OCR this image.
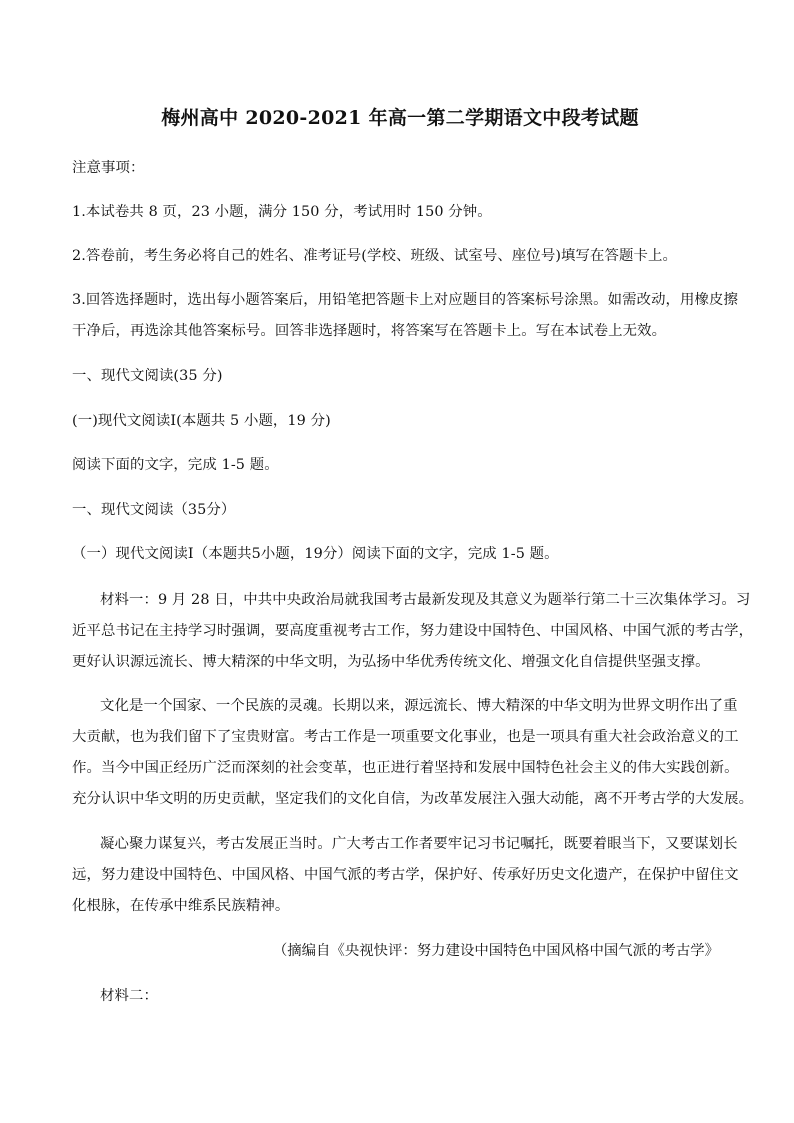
梅州高中 2020-2021 年高一第二学期语文中段考试题
注意事项：
1.本试卷共 8 页，23 小题，满分 150 分，考试用时 150 分钟。
2.答卷前，考生务必将自己的姓名、准考证号(学校、班级、试室号、座位号)填写在答题卡上。
3.回答选择题时，选出每小题答案后，用铅笔把答题卡上对应题目的答案标号涂黑。如需改动，用橡皮擦
干净后，再选涂其他答案标号。回答非选择题时，将答案写在答题卡上。写在本试卷上无效。
一、现代文阅读(35 分)
(一)现代文阅读Ⅰ(本题共 5 小题，19 分)
阅读下面的文字，完成 1-5 题。
一、现代文阅读（35分）
（一）现代文阅读Ⅰ（本题共5小题，19分）阅读下面的文字，完成 1-5 题。
材料一：9 月 28 日，中共中央政治局就我国考古最新发现及其意义为题举行第二十三次集体学习。习
近平总书记在主持学习时强调，要高度重视考古工作，努力建设中国特色、中国风格、中国气派的考古学，
更好认识源远流长、博大精深的中华文明，为弘扬中华优秀传统文化、增强文化自信提供坚强支撑。
文化是一个国家、一个民族的灵魂。长期以来，源远流长、博大精深的中华文明为世界文明作出了重
大贡献，也为我们留下了宝贵财富。考古工作是一项重要文化事业，也是一项具有重大社会政治意义的工
作。当今中国正经历广泛而深刻的社会变革，也正进行着坚持和发展中国特色社会主义的伟大实践创新。
充分认识中华文明的历史贡献，坚定我们的文化自信，为改革发展注入强大动能，离不开考古学的大发展。
凝心聚力谋复兴，考古发展正当时。广大考古工作者要牢记习书记嘱托，既要着眼当下，又要谋划长
远，努力建设中国特色、中国风格、中国气派的考古学，保护好、传承好历史文化遗产，在保护中留住文
化根脉，在传承中维系民族精神。
（摘编自《央视快评：努力建设中国特色中国风格中国气派的考古学》
材料二：
